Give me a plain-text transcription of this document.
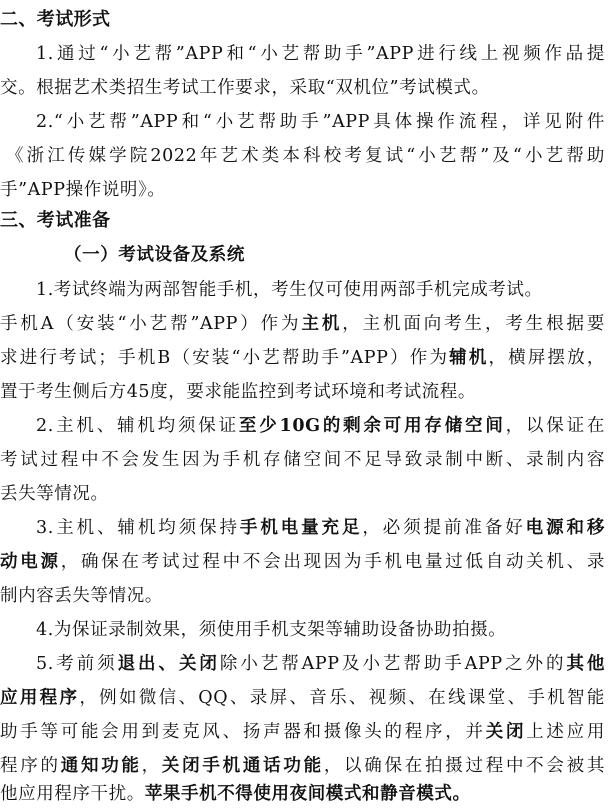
二、考试形式
1.通过“小艺帮”APP和“小艺帮助手”APP进行线上视频作品提
交。根据艺术类招生考试工作要求，采取“双机位”考试模式。
2.“小艺帮”APP和“小艺帮助手”APP具体操作流程，详见附件
《浙江传媒学院2022年艺术类本科校考复试“小艺帮”及“小艺帮助
手”APP操作说明》。
三、考试准备
（一）考试设备及系统
1.考试终端为两部智能手机，考生仅可使用两部手机完成考试。
手机A（安装“小艺帮”APP）作为主机，主机面向考生，考生根据要
求进行考试；手机B（安装“小艺帮助手”APP）作为辅机，横屏摆放，
置于考生侧后方45度，要求能监控到考试环境和考试流程。
2.主机、辅机均须保证至少10G的剩余可用存储空间，以保证在
考试过程中不会发生因为手机存储空间不足导致录制中断、录制内容
丢失等情况。
3.主机、辅机均须保持手机电量充足，必须提前准备好电源和移
动电源，确保在考试过程中不会出现因为手机电量过低自动关机、录
制内容丢失等情况。
4.为保证录制效果，须使用手机支架等辅助设备协助拍摄。
5.考前须退出、关闭除小艺帮APP及小艺帮助手APP之外的其他
应用程序，例如微信、QQ、录屏、音乐、视频、在线课堂、手机智能
助手等可能会用到麦克风、扬声器和摄像头的程序，并关闭上述应用
程序的通知功能，关闭手机通话功能，以确保在拍摄过程中不会被其
他应用程序干扰。苹果手机不得使用夜间模式和静音模式。
